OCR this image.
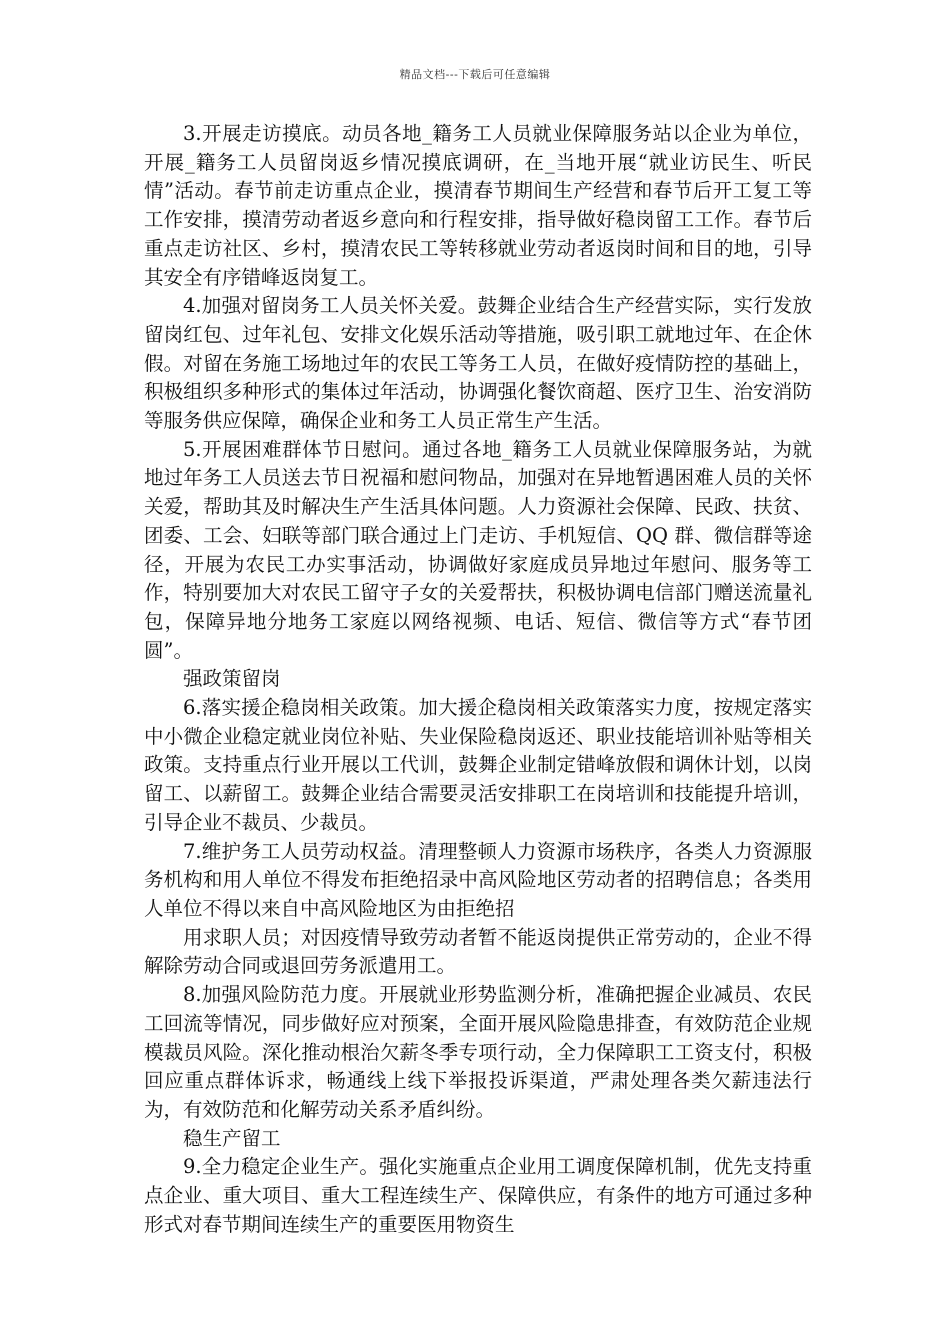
精品文档---下载后可任意编辑

3.开展走访摸底。动员各地_籍务工人员就业保障服务站以企业为单位，开展_籍务工人员留岗返乡情况摸底调研，在_当地开展“就业访民生、听民情”活动。春节前走访重点企业，摸清春节期间生产经营和春节后开工复工等工作安排，摸清劳动者返乡意向和行程安排，指导做好稳岗留工工作。春节后重点走访社区、乡村，摸清农民工等转移就业劳动者返岗时间和目的地，引导其安全有序错峰返岗复工。

4.加强对留岗务工人员关怀关爱。鼓舞企业结合生产经营实际，实行发放留岗红包、过年礼包、安排文化娱乐活动等措施，吸引职工就地过年、在企休假。对留在务施工场地过年的农民工等务工人员，在做好疫情防控的基础上，积极组织多种形式的集体过年活动，协调强化餐饮商超、医疗卫生、治安消防等服务供应保障，确保企业和务工人员正常生产生活。

5.开展困难群体节日慰问。通过各地_籍务工人员就业保障服务站，为就地过年务工人员送去节日祝福和慰问物品，加强对在异地暂遇困难人员的关怀关爱，帮助其及时解决生产生活具体问题。人力资源社会保障、民政、扶贫、团委、工会、妇联等部门联合通过上门走访、手机短信、QQ 群、微信群等途径，开展为农民工办实事活动，协调做好家庭成员异地过年慰问、服务等工作，特别要加大对农民工留守子女的关爱帮扶，积极协调电信部门赠送流量礼包，保障异地分地务工家庭以网络视频、电话、短信、微信等方式“春节团圆”。

强政策留岗

6.落实援企稳岗相关政策。加大援企稳岗相关政策落实力度，按规定落实中小微企业稳定就业岗位补贴、失业保险稳岗返还、职业技能培训补贴等相关政策。支持重点行业开展以工代训，鼓舞企业制定错峰放假和调休计划，以岗留工、以薪留工。鼓舞企业结合需要灵活安排职工在岗培训和技能提升培训，引导企业不裁员、少裁员。

7.维护务工人员劳动权益。清理整顿人力资源市场秩序，各类人力资源服务机构和用人单位不得发布拒绝招录中高风险地区劳动者的招聘信息；各类用人单位不得以来自中高风险地区为由拒绝招

用求职人员；对因疫情导致劳动者暂不能返岗提供正常劳动的，企业不得解除劳动合同或退回劳务派遣用工。

8.加强风险防范力度。开展就业形势监测分析，准确把握企业减员、农民工回流等情况，同步做好应对预案，全面开展风险隐患排查，有效防范企业规模裁员风险。深化推动根治欠薪冬季专项行动，全力保障职工工资支付，积极回应重点群体诉求，畅通线上线下举报投诉渠道，严肃处理各类欠薪违法行为，有效防范和化解劳动关系矛盾纠纷。

稳生产留工

9.全力稳定企业生产。强化实施重点企业用工调度保障机制，优先支持重点企业、重大项目、重大工程连续生产、保障供应，有条件的地方可通过多种形式对春节期间连续生产的重要医用物资生
